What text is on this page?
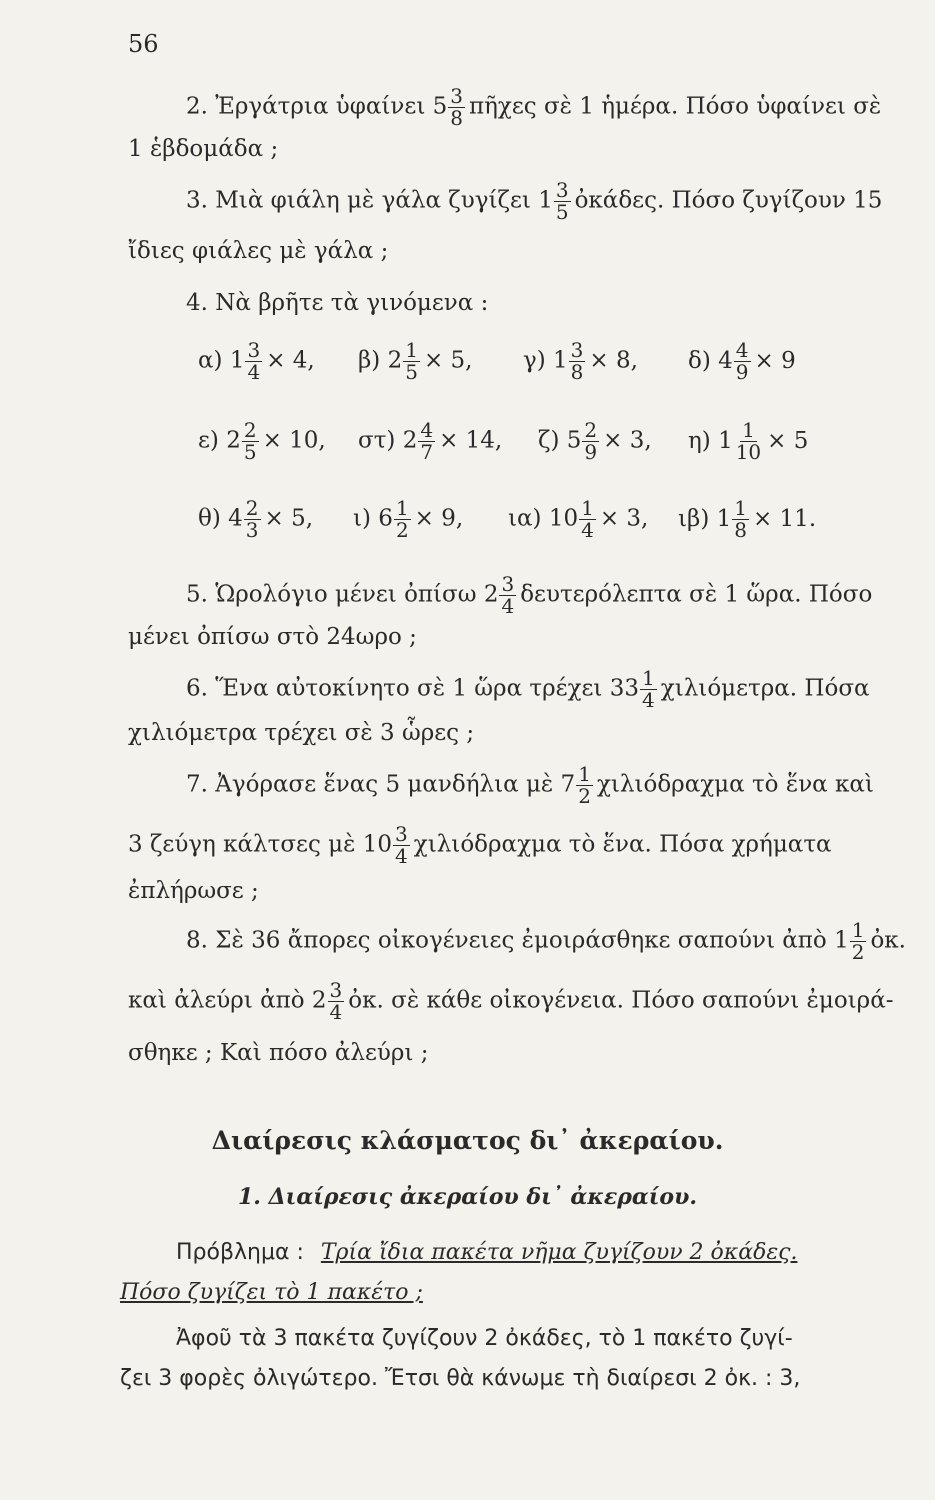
56
2. Ἐργάτρια ὑφαίνει $5 \frac{3}{8}$ πῆχες σὲ 1 ἡμέρα. Πόσο ὑφαίνει σὲ
1 ἑβδομάδα ;
3. Μιὰ φιάλη μὲ γάλα ζυγίζει $1 \frac{3}{5}$ ὀκάδες. Πόσο ζυγίζουν 15
ἴδιες φιάλες μὲ γάλα ;
4. Νὰ βρῆτε τὰ γινόμενα :
α) $1 \frac{3}{4} \times 4$, β) $2 \frac{1}{5} \times 5$, γ) $1 \frac{3}{8} \times 8$, δ) $4 \frac{4}{9} \times 9$
ε) $2 \frac{2}{5} \times 10$, στ) $2 \frac{4}{7} \times 14$, ζ) $5 \frac{2}{9} \times 3$, η) $1 \frac{1}{10} \times 5$
θ) $4 \frac{2}{3} \times 5$, ι) $6 \frac{1}{2} \times 9$, ια) $10 \frac{1}{4} \times 3$, ιβ) $1 \frac{1}{8} \times 11$.
5. Ὡρολόγιο μένει ὀπίσω $2 \frac{3}{4}$ δευτερόλεπτα σὲ 1 ὥρα. Πόσο
μένει ὀπίσω στὸ 24ωρο ;
6. Ἕνα αὐτοκίνητο σὲ 1 ὥρα τρέχει $33 \frac{1}{4} \chi\iota\lambda\iota ό\mu\varepsilon\tau\rho\alpha$. Πόσα
χιλιόμετρα τρέχει σὲ 3 ὧρες ;
7. Ἀγόρασε ἕνας 5 μανδήλια μὲ $7 \frac{1}{2}$ χιλιόδραχμα τὸ ἕνα καὶ
3 ζεύγη κάλτσες μὲ $10 \frac{3}{4}$ χιλιόδραχμα τὸ ἕνα. Πόσα χρήματα
ἐπλήρωσε ;
8. Σὲ 36 ἄπορες οἰκογένειες ἐμοιράσθηκε σαπούνι ἀπὸ $1 \frac{1}{2}$ ὀκ.
καὶ ἀλεύρι ἀπὸ $2 \frac{3}{4}$ ὀκ. σὲ κάθε οἰκογένεια. Πόσο σαπούνι ἐμοιρά-
σθηκε ; Καὶ πόσο ἀλεύρι ;
Διαίρεσις κλάσματος δι᾽ ἀκεραίου.
1. Διαίρεσις ἀκεραίου δι᾽ ἀκεραίου.
Πρόβλημα : Τρία ἴδια πακέτα νῆμα ζυγίζουν 2 ὀκάδες.
Πόσο ζυγίζει τὸ 1 πακέτο ;
Ἀφοῦ τὰ 3 πακέτα ζυγίζουν 2 ὀκάδες, τὸ 1 πακέτο ζυγί-
ζει 3 φορὲς ὀλιγώτερο. Ἔτσι θὰ κάνωμε τὴ διαίρεσι 2 ὀκ. : 3,
